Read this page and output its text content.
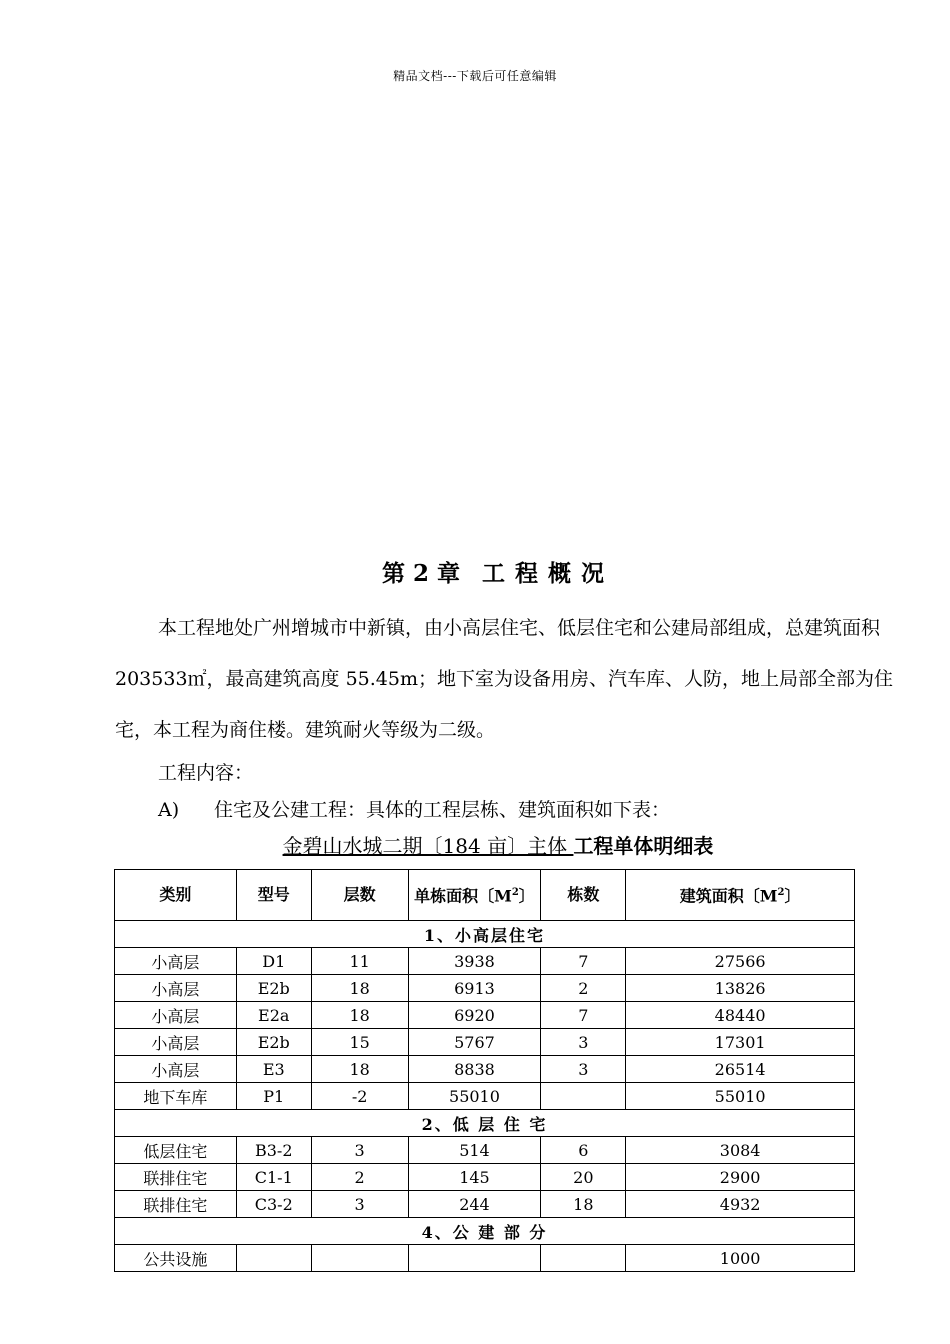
精品文档---下载后可任意编辑
第 2 章 工程概况
本工程地处广州增城市中新镇，由小高层住宅、低层住宅和公建局部组成，总建筑面积 203533㎡，最高建筑高度 55.45m；地下室为设备用房、汽车库、人防，地上局部全部为住宅，本工程为商住楼。建筑耐火等级为二级。
工程内容：
A) 住宅及公建工程：具体的工程层栋、建筑面积如下表：
金碧山水城二期〔184 亩〕主体 工程单体明细表
类别	型号	层数	单栋面积〔$M^2$〕	栋数	建筑面积〔$M^2$〕
1、小高层住宅					
小高层	D1	11	3938	7	27566
小高层	E2b	18	6913	2	13826
小高层	E2a	18	6920	7	48440
小高层	E2b	15	5767	3	17301
小高层	E3	18	8838	3	26514
地下车库	P1	-2	55010		55010
2、低 层 住 宅					
低层住宅	B3-2	3	514	6	3084
联排住宅	C1-1	2	145	20	2900
联排住宅	C3-2	3	244	18	4932
4、公 建 部 分					
公共设施					1000
